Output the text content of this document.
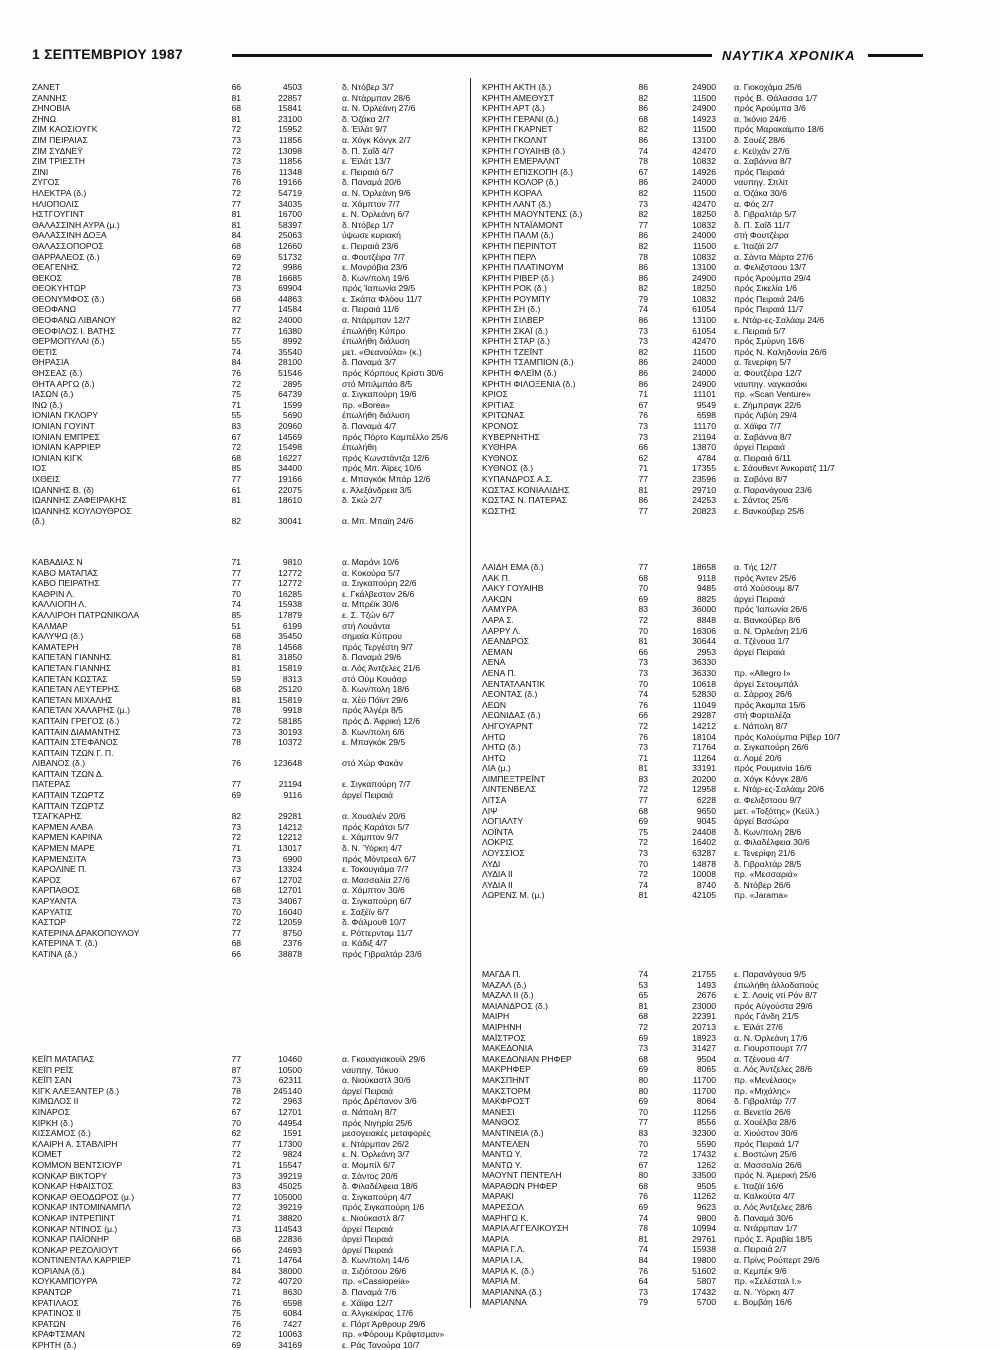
1 ΣΕΠΤΕΜΒΡΙΟΥ 1987	ΝΑΥΤΙΚΑ ΧΡΟΝΙΚΑ
ΖΑΝΕΤ	66	4503	δ. Ντόβερ 3/7
ΖΑΝΝΗΣ	81	22857	α. Ντάρμπαν 28/6
ΖΗΝΟΒΙΑ	68	15841	α. Ν. Όρλεάνη 27/6
ΖΗΝΩ	81	23100	δ. Όζάκα 2/7
ΖΙΜ ΚΑΟΣΙΟΥΓΚ	72	15952	δ. Έϊλάτ 9/7
ΖΙΜ ΠΕΙΡΑΙΑΣ	73	11856	α. Χόγκ Κόνγκ 2/7
ΖΙΜ ΣΥΔΝΕΫ	72	13098	δ. Π. Σαΐδ 4/7
ΖΙΜ ΤΡΙΕΣΤΗ	73	11856	ε. Έϊλάτ 13/7
ΖΙΝΙ	76	11348	ε. Πειραιά 6/7
ΖΥΓΟΣ	76	19166	δ. Παναμά 20/6
ΗΛΕΚΤΡΑ (δ.)	72	54719	α. Ν. Όρλεάνη 9/6
ΗΛΙΟΠΟΛΙΣ	77	34035	α. Χάμπτον 7/7
ΗΣΤΓΟΥΓΙΝΤ	81	16700	ε. Ν. Όρλεάνη 6/7
ΘΑΛΑΣΣΙΝΗ ΑΥΡΑ (μ.)	81	58397	δ. Ντόβερ 1/7
ΘΑΛΑΣΣΙΝΗ ΔΟΞΑ	84	25063	ύψωσε κυριακή
ΘΑΛΑΣΣΟΠΟΡΟΣ	68	12660	ε. Πειραιά 23/6
ΘΑΡΡΑΛΕΟΣ (δ.)	69	51732	α. Φουτζέιρα 7/7
ΘΕΑΓΕΝΗΣ	72	9986	ε. Μονρόβια 23/6
ΘΕΚΟΣ	78	16685	δ. Κων/πολη 19/6
ΘΕΟΚΥΗΤΩΡ	73	69904	πρός Ίαπωνία 29/5
ΘΕΟΝΥΜΦΟΣ (δ.)	68	44863	ε. Σκάπα Φλόου 11/7
ΘΕΟΦΑΝΩ	77	14584	α. Πειραιά 11/6
ΘΕΟΦΑΝΩ ΛΙΒΑΝΟΥ	82	24000	α. Ντάρμπαν 12/7
ΘΕΟΦΙΛΟΣ Ι. ΒΑΤΗΣ	77	16380	έπωλήθη Κύπρο
ΘΕΡΜΟΠΥΛΑΙ (δ.)	55	8992	έπωλήθη διάλυση
ΘΕΤΙΣ	74	35540	μετ. «Θεανούλα» (κ.)
ΘΗΡΑΣΙΑ	84	28100	δ. Παναμά 3/7
ΘΗΣΕΑΣ (δ.)	76	51546	πρός Κόρπους Κρίστι 30/6
ΘΗΤΑ ΑΡΓΩ (δ.)	72	2895	στό Μπιλμπάο 8/5
ΙΑΣΩΝ (δ.)	75	64739	α. Σιγκαπούρη 19/6
ΙΝΩ (δ.)	71	1599	πρ. «Borea»
ΙΟΝΙΑΝ ΓΚΛΟΡΥ	55	5690	έπωλήθη διάλυση
ΙΟΝΙΑΝ ΓΟΥΙΝΤ	83	20960	δ. Παναμά 4/7
ΙΟΝΙΑΝ ΕΜΠΡΕΣ	67	14569	πρός Πόρτο Καμπέλλο 25/6
ΙΟΝΙΑΝ ΚΑΡΡΙΕΡ	72	15498	έπωλήθη
ΙΟΝΙΑΝ ΚΙΓΚ	68	16227	πρός Κωνστάντζα 12/6
ΙΟΣ	85	34400	πρός Μπ. Άϊρες 10/6
ΙΧΘΕΙΣ	77	19166	ε. Μπαγκόκ Μπάρ 12/6
ΙΩΑΝΝΗΣ Β. (δ)	61	22075	ε. Άλεξάνδρεια 3/5
ΙΩΑΝΝΗΣ ΖΑΦΕΙΡΑΚΗΣ	81	18610	δ. Σκώ 2/7
ΙΩΑΝΝΗΣ ΚΟΥΛΟΥΘΡΟΣ
(δ.)	82	30041	α. Μπ. Μπαϊη 24/6
ΚΑΒΑΔΙΑΣ Ν	71	9810	α. Μαράνι 10/6
ΚΑΒΟ ΜΑΤΑΠΑΣ	77	12772	α. Κοκούρα 5/7
ΚΑΒΟ ΠΕΙΡΑΤΗΣ	77	12772	α. Σιγκαπούρη 22/6
ΚΑΘΡΙΝ Λ.	70	16285	ε. Γκάλβεστον 26/6
ΚΑΛΛΙΟΠΗ Λ.	74	15938	α. Μπρέϊκ 30/6
ΚΑΛΛΙΡΟΗ ΠΑΤΡΩΝΙΚΟΛΑ	85	17879	ε. Σ. Τζών 6/7
ΚΑΛΜΑΡ	51	6199	στή Λουάντα
ΚΑΛΥΨΩ (δ.)	68	35450	σημαία Κύπρου
ΚΑΜΑΤΕΡΗ	78	14568	πρός Τεργέστη 9/7
ΚΑΠΕΤΑΝ ΓΙΑΝΝΗΣ	81	31850	δ. Παναμά 29/6
ΚΑΠΕΤΑΝ ΓΙΑΝΝΗΣ	81	15819	α. Λός Άντζελες 21/6
ΚΑΠΕΤΑΝ ΚΩΣΤΑΣ	59	8313	στό Ούμ Κουάσρ
ΚΑΠΕΤΑΝ ΛΕΥΤΕΡΗΣ	68	25120	δ. Κων/πολη 18/6
ΚΑΠΕΤΑΝ ΜΙΧΑΛΗΣ	81	15819	α. Χέϋ Πόϊντ 29/6
ΚΑΠΕΤΑΝ ΧΑΛΑΡΗΣ (μ.)	78	9918	πρός Άλγέρι 8/5
ΚΑΠΤΑΙΝ ΓΡΕΓΟΣ (δ.)	72	58185	πρός Δ. Άφρική 12/6
ΚΑΠΤΑΙΝ ΔΙΑΜΑΝΤΗΣ	73	30193	δ. Κων/πολη 6/6
ΚΑΠΤΑΙΝ ΣΤΕΦΑΝΟΣ	78	10372	ε. Μπαγκόκ 29/5
ΚΑΠΤΑΙΝ ΤΖΩΝ Γ. Π.
ΛΙΒΑΝΟΣ (δ.)	76	123648	στό Χώρ Φακάν
ΚΑΠΤΑΙΝ ΤΖΩΝ Δ.
ΠΑΤΕΡΑΣ	77	21194	ε. Σιγκαπούρη 7/7
ΚΑΠΤΑΙΝ ΤΖΩΡΤΖ	69	9116	άργεί Πειραιά
ΚΑΠΤΑΙΝ ΤΖΩΡΤΖ
ΤΣΑΓΚΑΡΗΣ	82	29281	α. Χουαλιέν 20/6
ΚΑΡΜΕΝ ΑΛΒΑ	73	14212	πρός Καράτσι 5/7
ΚΑΡΜΕΝ ΚΑΡΙΝΑ	72	12212	ε. Χάμπτον 9/7
ΚΑΡΜΕΝ ΜΑΡΕ	71	13017	δ. Ν. Ύόρκη 4/7
ΚΑΡΜΕΝΣΙΤΑ	73	6900	πρός Μόντρεαλ 6/7
ΚΑΡΟΛΙΝΕ Π.	73	13324	ε. Τοκουγιάμα 7/7
ΚΑΡΟΣ	67	12702	α. Μασσαλία 27/6
ΚΑΡΠΑΘΟΣ	68	12701	α. Χάμπτον 30/6
ΚΑΡΥΑΝΤΑ	73	34067	α. Σιγκαπούρη 6/7
ΚΑΡΥΑΤΙΣ	70	16040	ε. Σαξέϊν 6/7
ΚΑΣΤΩΡ	72	12059	δ. Φάλμουθ 10/7
ΚΑΤΕΡΙΝΑ ΔΡΑΚΟΠΟΥΛΟΥ	77	8750	ε. Ρόττερνταμ 11/7
ΚΑΤΕΡΙΝΑ Τ. (δ.)	68	2376	α. Κάδιξ 4/7
ΚΑΤΙΝΑ (δ.)	66	38878	πρός Γιβραλτάρ 23/6
ΚΕΪΠ ΜΑΤΑΠΑΣ	77	10460	α. Γκουαγιακουίλ 29/6
ΚΕΪΠ ΡΕΪΣ	87	10500	ναυπηγ. Τόκυο
ΚΕΪΠ ΣΑΝ	73	62311	α. Νιούκαστλ 30/6
ΚΙΓΚ ΑΛΕΞΑΝΤΕΡ (δ.)	78	245140	άργεί Πειραιά
ΚΙΜΩΛΟΣ ΙΙ	72	2963	πρός Δρέπανον 3/6
ΚΙΝΑΡΟΣ	67	12701	α. Νάπολη 8/7
ΚΙΡΚΗ (δ.)	70	44954	πρός Νιγηρία 25/6
ΚΙΣΣΑΜΟΣ (δ.)	62	1591	μεσογειακές μεταφορές
ΚΛΑΙΡΗ Α. ΣΤΑΒΛΙΡΗ	77	17300	ε. Ντάρμπαν 26/2
ΚΟΜΕΤ	72	9824	ε. Ν. Όρλεάνη 3/7
ΚΟΜΜΟΝ ΒΕΝΤΣΙΟΥΡ	71	15547	α. Μομπίλ 6/7
ΚΟΝΚΑΡ ΒΙΚΤΟΡΥ	73	39219	α. Σάντος 20/6
ΚΟΝΚΑΡ ΗΦΑΙΣΤΟΣ	83	45025	δ. Φιλαδέλφεια 18/6
ΚΟΝΚΑΡ ΘΕΟΔΩΡΟΣ (μ.)	77	105000	α. Σιγκαπούρη 4/7
ΚΟΝΚΑΡ ΙΝΤΟΜΙΝΑΜΠΛ	72	39219	πρός Σιγκαπούρη 1/6
ΚΟΝΚΑΡ ΙΝΤΡΕΠΙΝΤ	71	38820	ε. Νιούκαστλ 8/7
ΚΟΝΚΑΡ ΝΤΙΝΟΣ (μ.)	73	114543	άργεί Πειραιά
ΚΟΝΚΑΡ ΠΑΪΟΝΗΡ	68	22836	άργεί Πειραιά
ΚΟΝΚΑΡ ΡΕΖΟΛΙΟΥΤ	66	24693	άργεί Πειραιά
ΚΟΝΤΙΝΕΝΤΑΛ ΚΑΡΡΙΕΡ	71	14764	δ. Κων/πολη 14/6
ΚΟΡΙΑΝΑ (δ.)	84	38000	α. Σιζιότσου 26/6
ΚΟΥΚΑΜΠΟΥΡΑ	72	40720	πρ. «Cassiopeia»
ΚΡΑΝΤΩΡ	71	8630	δ. Παναμά 7/6
ΚΡΑΤΙΛΑΟΣ	76	6598	ε. Χάϊφα 12/7
ΚΡΑΤΙΝΟΣ ΙΙ	75	6084	α. Άλγκεκίρας 17/6
ΚΡΑΤΩΝ	76	7427	ε. Πόρτ Άρθρουρ 29/6
ΚΡΑΦΤΣΜΑΝ	72	10063	πρ. «Φόρουμ Κράφτσμαν»
ΚΡΗΤΗ (δ.)	69	34169	ε. Ράς Τανούρα 10/7
ΚΡΗΤΗ ΑΚΤΗ (δ.)	86	24900 α. Γιοκοχάμα 25/6
ΚΡΗΤΗ ΑΜΕΘΥΣΤ	82	11500 πρός Β. Θάλασσα 1/7
ΚΡΗΤΗ ΑΡΤ (δ.)	86	24900 πρός Άρούμπα 3/6
ΚΡΗΤΗ ΓΕΡΑΝΙ (δ.)	68	14923 α. Ίκόνιο 24/6
ΚΡΗΤΗ ΓΚΑΡΝΕΤ	82	11500 πρός Μαρακαϊμπο 18/6
ΚΡΗΤΗ ΓΚΟΛΝΤ	86	13100 δ. Σουέζ 28/6
ΚΡΗΤΗ ΓΟΥΑΙΗΒ (δ.)	74	42470 ε. Κεϋχάν 27/6
ΚΡΗΤΗ ΕΜΕΡΑΛΝΤ	78	10832 α. Σαβάννα 8/7
ΚΡΗΤΗ ΕΠΙΣΚΟΠΗ (δ.)	67	14926 πρός Πειραιά
ΚΡΗΤΗ ΚΟΛΟΡ (δ.)	86	24000 ναυπηγ. Σπλίτ
ΚΡΗΤΗ ΚΟΡΑΛ	82	11500 α. Όζάκα 30/6
ΚΡΗΤΗ ΛΑΝΤ (δ.)	73	42470 α. Φός 2/7
ΚΡΗΤΗ ΜΑΟΥΝΤΕΝΣ (δ.)	82	18250 δ. Γιβραλτάρ 5/7
ΚΡΗΤΗ ΝΤΑΪΑΜΟΝΤ	77	10832 δ. Π. Σαΐδ 11/7
ΚΡΗΤΗ ΠΑΛΜ (δ.)	86	24000 στή Φουτζέιρα
ΚΡΗΤΗ ΠΕΡΙΝΤΟΤ	82	11500 ε. Ίταζάϊ 2/7
ΚΡΗΤΗ ΠΕΡΛ	78	10832 α. Σάντα Μάρτα 27/6
ΚΡΗΤΗ ΠΛΑΤΙΝΟΥΜ	86	13100 α. Φελιξστοου 13/7
ΚΡΗΤΗ ΡΙΒΕΡ (δ.)	86	24900 πρός Άρούμπα 29/4
ΚΡΗΤΗ ΡΟΚ (δ.)	82	18250 πρός Σικελία 1/6
ΚΡΗΤΗ ΡΟΥΜΠΥ	79	10832 πρός Πειραιά 24/6
ΚΡΗΤΗ ΣΗ (δ.)	74	61054 πρός Πειραιά 11/7
ΚΡΗΤΗ ΣΙΛΒΕΡ	86	13100 ε. Ντάρ-ες-Σαλάαμ 24/6
ΚΡΗΤΗ ΣΚΑΪ (δ.)	73	61054 ε. Πειραιά 5/7
ΚΡΗΤΗ ΣΤΑΡ (δ.)	73	42470 πρός Σμύρνη 16/6
ΚΡΗΤΗ ΤΖΕΪΝΤ	82	11500 πρός Ν. Καληδονία 26/6
ΚΡΗΤΗ ΤΣΑΜΠΙΟΝ (δ.)	86	24000 α. Τενερίφη 5/7
ΚΡΗΤΗ ΦΛΕΪΜ (δ.)	86	24000 α. Φουτζέιρα 12/7
ΚΡΗΤΗ ΦΙΛΟΞΕΝΙΑ (δ.)	86	24900 ναυπηγ. ναγκασάκι
ΚΡΙΟΣ	71	11101 πρ. «Scan Venture»
ΚΡΙΤΙΑΣ	67	9549 ε. Ζήμπραγκ 22/6
ΚΡΙΤΩΝΑΣ	76	6598 πρός Λιβύη 29/4
ΚΡΟΝΟΣ	73	11170 α. Χάϊφα 7/7
ΚΥΒΕΡΝΗΤΗΣ	73	21194 α. Σαβάννα 8/7
ΚΥΘΗΡΑ	66	13870 άργεί Πειραιά
ΚΥΘΝΟΣ	62	4784 α. Πειραιά 6/11
ΚΥΘΝΟΣ (δ.)	71	17355 ε. Σάουθεντ Άνκορατζ 11/7
ΚΥΠΑΝΔΡΟΣ Α.Σ.	77	23596 α. Σαβόνα 8/7
ΚΩΣΤΑΣ ΚΟΝΙΑΛΙΔΗΣ	81	29710 α. Παρανάγουα 23/6
ΚΩΣΤΑΣ Ν. ΠΑΤΕΡΑΣ	86	24253 ε. Σάντος 25/6
ΚΩΣΤΗΣ	77	20823 ε. Βανκούβερ 25/6
ΛΑΙΔΗ ΕΜΑ (δ.)	77	18658 α. Τής 12/7
ΛΑΚ Π.	68	9118 πρός Άντεν 25/6
ΛΑΚΥ ΓΟΥΑΙΗΒ	70	9485 στό Χούσουμ 8/7
ΛΑΚΩΝ	69	8825 άργεί Πειραιά
ΛΑΜΥΡΑ	83	36000 πρός Ίαπωνία 26/6
ΛΑΡΑ Σ.	72	8848 α. Βανκούβερ 8/6
ΛΑΡΡΥ Λ.	70	16306 α. Ν. Όρλεάνη 21/6
ΛΕΑΝΔΡΟΣ	81	30644 α. Τζένουα 1/7
ΛΕΜΑΝ	66	2953 άργεί Πειραιά
ΛΕΝΑ	73	36330
ΛΕΝΑ Π.	73	36330 πρ. «Allegro I»
ΛΕΝΤΑΤΛΑΝΤΙΚ	70	10618 άργεί Σετουμπάλ
ΛΕΟΝΤΑΣ (δ.)	74	52830 α. Σάρροχ 26/6
ΛΕΩΝ	76	11049 πρός Άκαμπα 15/6
ΛΕΩΝΙΔΑΣ (δ.)	66	29287 στή Φορταλέζα
ΛΗΓΟΥΑΡΝΤ	72	14212 ε. Νάπολη 8/7
ΛΗΤΩ	76	18104 πρός Κολούμπια Ρίβερ 10/7
ΛΗΤΩ (δ.)	73	71764 α. Σιγκαπούρη 26/6
ΛΗΤΩ	71	11264 α. Λομέ 20/6
ΛΙΑ (μ.)	81	33191 πρός Ρουμανία 16/6
ΛΙΜΠΕΞΤΡΕΪΝΤ	83	20200 α. Χόγκ Κόνγκ 28/6
ΛΙΝΤΕΝΒΕΛΣ	72	12958 ε. Ντάρ-ες-Σαλάαμ 20/6
ΛΙΤΣΑ	77	6228 α. Φελιξστοου 9/7
ΛΙΨ	68	9650 μετ. «Τοξότης» (Κεϋλ.)
ΛΟΓΙΑΛΤΥ	69	9045 άργεί Βασώρα
ΛΟΪΝΤΑ	75	24408 δ. Κων/πολη 28/6
ΛΟΚΡΙΣ	72	16402 α. Φιλαδέλφεια 30/6
ΛΟΥΣΣΙΟΣ	73	63287 ε. Τενερίφη 21/6
ΛΥΔΙ	70	14878 δ. Γιβραλτάρ 28/5
ΛΥΔΙΑ ΙΙ	72	10008 πρ. «Μεσσαριά»
ΛΥΔΙΑ ΙΙ	74	8740 δ. Ντόβερ 26/6
ΛΩΡΕΝΣ Μ. (μ.)	81	42105 πρ. «Jarama»
ΜΑΓΔΑ Π.	74	21755 ε. Παρανάγουα 9/5
ΜΑΖΑΛ (δ.)	53	1493 έπωλήθη άλλοδαπούς
ΜΑΖΑΛ ΙΙ (δ.)	65	2676 ε. Σ. Λουίς ντί Ρόν 8/7
ΜΑΙΑΝΔΡΟΣ (δ.)	81	23000 πρός Αύγούστα 29/6
ΜΑΙΡΗ	68	22391 πρός Γάνδη 21/5
ΜΑΙΡΗΝΗ	72	20713 ε. Έϊλάτ 27/6
ΜΑΪΣΤΡΟΣ	69	18923 α. Ν. Όρλεάνη 17/6
ΜΑΚΕΔΟΝΙΑ	73	31427 α. Γιουρσπουρτ 7/7
ΜΑΚΕΔΟΝΙΑΝ ΡΗΦΕΡ	68	9504 α. Τζένουα 4/7
ΜΑΚΡΗΦΕΡ	69	8065 α. Λός Άντζελες 28/6
ΜΑΚΣΠΗΝΤ	80	11700 πρ. «Μενέλαος»
ΜΑΚΣΤΟΡΜ	80	11700 πρ. «Μιχάλης»
ΜΑΚΦΡΟΣΤ	69	8064 δ. Γιβραλτάρ 7/7
ΜΑΝΕΣΙ	70	11256 α. Βενετία 26/6
ΜΑΝΘΟΣ	77	8556 α. Χουέλβα 28/6
ΜΑΝΤΙΝΕΙΑ (δ.)	83	32300 α. Χιούστον 30/6
ΜΑΝΤΕΛΕΝ	70	5590 πρός Πειραιά 1/7
ΜΑΝΤΩ Υ.	72	17432 ε. Βοστώνη 25/6
ΜΑΝΤΩ Υ.	67	1262 α. Μασσαλία 26/6
ΜΑΟΥΝΤ ΠΕΝΤΕΛΗ	80	33500 πρός Ν. Άμερική 25/6
ΜΑΡΑΘΩΝ ΡΗΦΕΡ	68	9505 ε. Ίταζάϊ 16/6
ΜΑΡΑΚΙ	76	11262 α. Καλκούτα 4/7
ΜΑΡΕΣΟΛ	69	9623 α. Λός Άντζελες 28/6
ΜΑΡΗΓΩ Κ.	74	9800 δ. Παναμά 30/6
ΜΑΡΙΑ ΑΓΓΕΛΙΚΟΥΣΗ	78	10994 α. Ντάρμπαν 1/7
ΜΑΡΙΑ	81	29761 πρός Σ. Άραβία 18/5
ΜΑΡΙΑ Γ.Λ.	74	15938 α. Πειραιά 2/7
ΜΑΡΙΑ Ι.Α.	84	19800 α. Πρίνς Ρούπερτ 29/6
ΜΑΡΙΑ Κ. (δ.)	76	51602 α. Κεμπέκ 9/6
ΜΑΡΙΑ Μ.	64	5807 πρ. «Σελέσταλ Ι.»
ΜΑΡΙΑΝΝΑ (δ.)	73	17432 α. Ν. Ύόρκη 4/7
ΜΑΡΙΑΝΝΑ	79	5700 ε. Βομβάη 16/6
